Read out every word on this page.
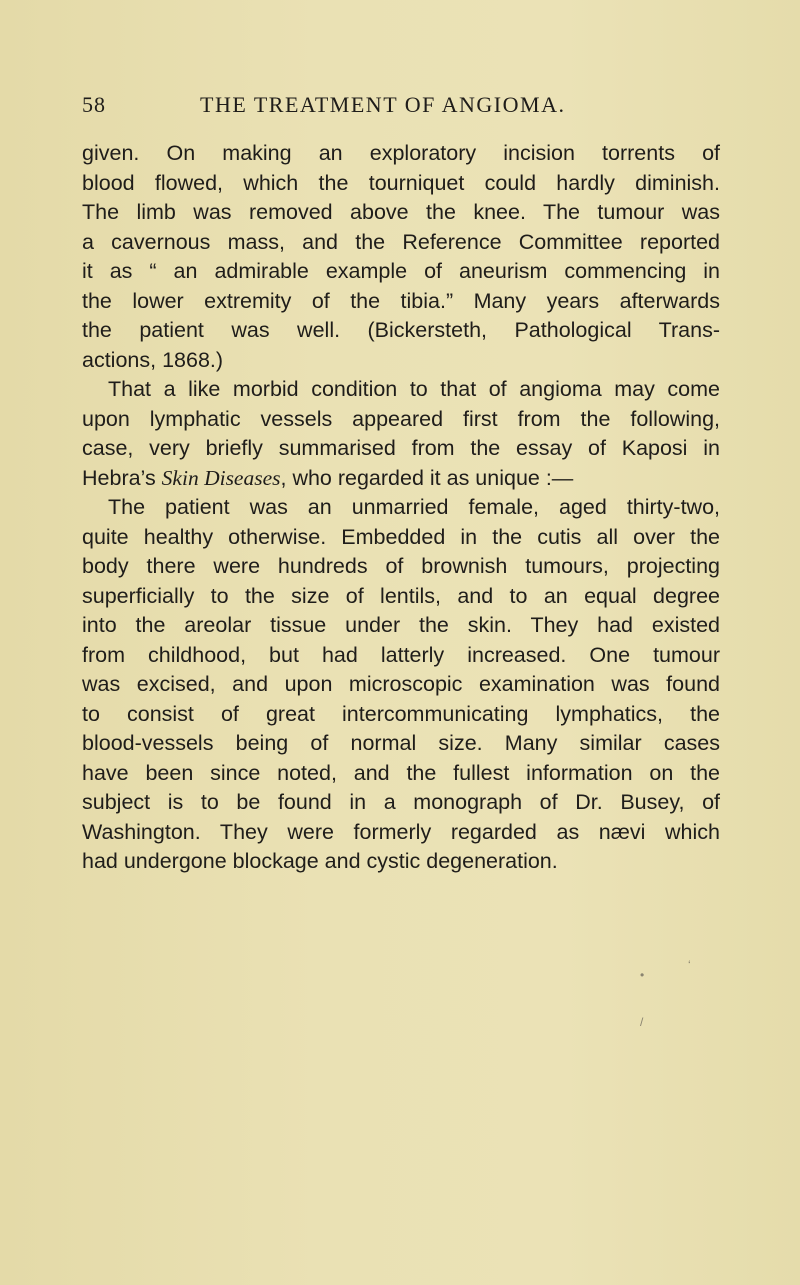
58	THE TREATMENT OF ANGIOMA.
given. On making an exploratory incision torrents of
blood flowed, which the tourniquet could hardly diminish.
The limb was removed above the knee. The tumour was
a cavernous mass, and the Reference Committee reported
it as “ an admirable example of aneurism commencing in
the lower extremity of the tibia.” Many years afterwards
the patient was well. (Bickersteth, Pathological Trans-
actions, 1868.)
That a like morbid condition to that of angioma may come
upon lymphatic vessels appeared first from the following,
case, very briefly summarised from the essay of Kaposi in
Hebra’s Skin Diseases, who regarded it as unique :—
The patient was an unmarried female, aged thirty-two,
quite healthy otherwise. Embedded in the cutis all over the
body there were hundreds of brownish tumours, projecting
superficially to the size of lentils, and to an equal degree
into the areolar tissue under the skin. They had existed
from childhood, but had latterly increased. One tumour
was excised, and upon microscopic examination was found
to consist of great intercommunicating lymphatics, the
blood-vessels being of normal size. Many similar cases
have been since noted, and the fullest information on the
subject is to be found in a monograph of Dr. Busey, of
Washington. They were formerly regarded as nævi which
had undergone blockage and cystic degeneration.
•
‘
/
